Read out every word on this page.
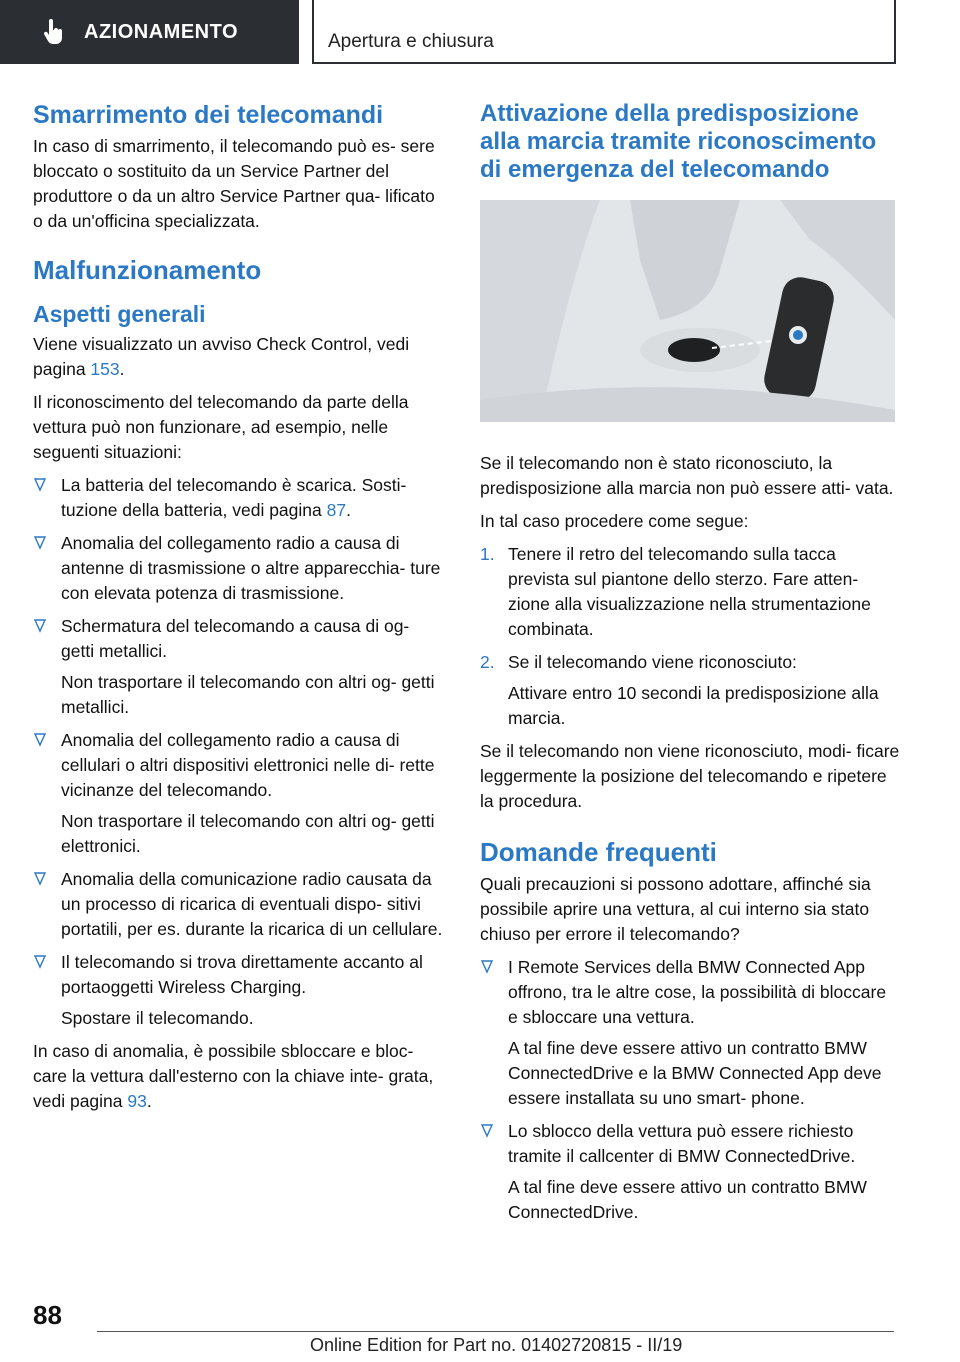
AZIONAMENTO	Apertura e chiusura
Smarrimento dei telecomandi

In caso di smarrimento, il telecomando può es- sere bloccato o sostituito da un Service Partner del produttore o da un altro Service Partner qua- lificato o da un'officina specializzata.

Malfunzionamento
Aspetti generali

Viene visualizzato un avviso Check Control, vedi pagina 153.

Il riconoscimento del telecomando da parte della vettura può non funzionare, ad esempio, nelle seguenti situazioni:

La batteria del telecomando è scarica. Sosti- tuzione della batteria, vedi pagina 87.
Anomalia del collegamento radio a causa di antenne di trasmissione o altre apparecchia- ture con elevata potenza di trasmissione.
Schermatura del telecomando a causa di og- getti metallici.

Non trasportare il telecomando con altri og- getti metallici.

Anomalia del collegamento radio a causa di cellulari o altri dispositivi elettronici nelle di- rette vicinanze del telecomando.

Non trasportare il telecomando con altri og- getti elettronici.

Anomalia della comunicazione radio causata da un processo di ricarica di eventuali dispo- sitivi portatili, per es. durante la ricarica di un cellulare.
Il telecomando si trova direttamente accanto al portaoggetti Wireless Charging.

Spostare il telecomando.

In caso di anomalia, è possibile sbloccare e bloc- care la vettura dall'esterno con la chiave inte- grata, vedi pagina 93.

Attivazione della predisposizione alla marcia tramite riconoscimento di emergenza del telecomando

Se il telecomando non è stato riconosciuto, la predisposizione alla marcia non può essere atti- vata.

In tal caso procedere come segue:

1. Tenere il retro del telecomando sulla tacca prevista sul piantone dello sterzo. Fare atten- zione alla visualizzazione nella strumentazione combinata.
2. Se il telecomando viene riconosciuto:

Attivare entro 10 secondi la predisposizione alla marcia.

Se il telecomando non viene riconosciuto, modi- ficare leggermente la posizione del telecomando e ripetere la procedura.

Domande frequenti

Quali precauzioni si possono adottare, affinché sia possibile aprire una vettura, al cui interno sia stato chiuso per errore il telecomando?

I Remote Services della BMW Connected App offrono, tra le altre cose, la possibilità di bloccare e sbloccare una vettura.

A tal fine deve essere attivo un contratto BMW ConnectedDrive e la BMW Connected App deve essere installata su uno smart- phone.

Lo sblocco della vettura può essere richiesto tramite il callcenter di BMW ConnectedDrive.

A tal fine deve essere attivo un contratto BMW ConnectedDrive.

88
Online Edition for Part no. 01402720815 - II/19
